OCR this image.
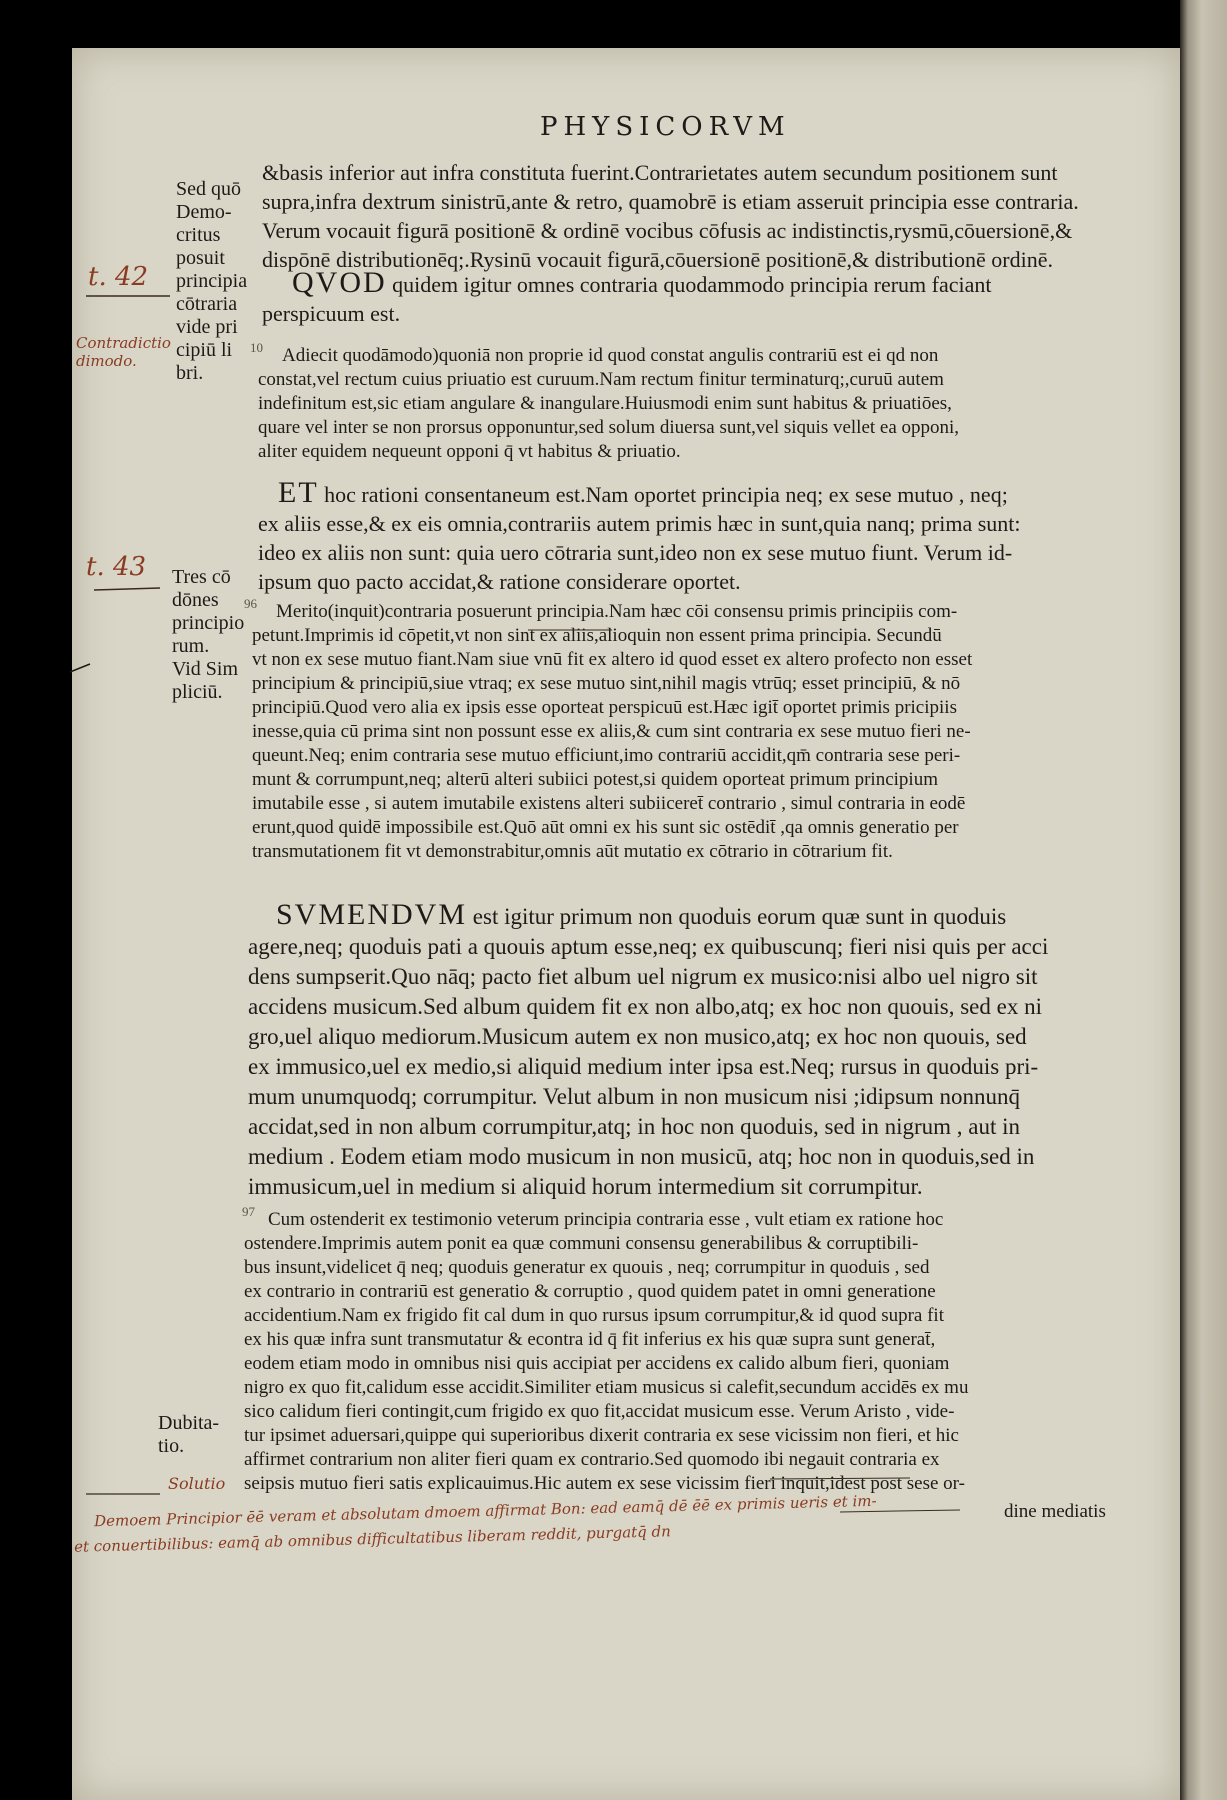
PHYSICORVM
&basis inferior aut infra constituta fuerint.Contrarietates autem secundum positionem sunt
supra,infra dextrum sinistrū,ante & retro, quamobrē is etiam asseruit principia esse contraria.
Verum vocauit figurā positionē & ordinē vocibus cōfusis ac indistinctis,rysmū,cōuersionē,&
dispōnē distributionēq;.Rysinū vocauit figurā,cōuersionē positionē,& distributionē ordinē.
QVOD quidem igitur omnes contraria quodammodo principia rerum faciant
perspicuum est.
Adiecit quodāmodo)quoniā non proprie id quod constat angulis contrariū est ei qd non
constat,vel rectum cuius priuatio est curuum.Nam rectum finitur terminaturq;,curuū autem
indefinitum est,sic etiam angulare & inangulare.Huiusmodi enim sunt habitus & priuatiōes,
quare vel inter se non prorsus opponuntur,sed solum diuersa sunt,vel siquis vellet ea opponi,
aliter equidem nequeunt opponi q̄ vt habitus & priuatio.
ET hoc rationi consentaneum est.Nam oportet principia neq; ex sese mutuo , neq;
ex aliis esse,& ex eis omnia,contrariis autem primis hæc in sunt,quia nanq; prima sunt:
ideo ex aliis non sunt: quia uero cōtraria sunt,ideo non ex sese mutuo fiunt. Verum id-
ipsum quo pacto accidat,& ratione considerare oportet.
Merito(inquit)contraria posuerunt principia.Nam hæc cōi consensu primis principiis com-
petunt.Imprimis id cōpetit,vt non sint ex aliis,alioquin non essent prima principia. Secundū
vt non ex sese mutuo fiant.Nam siue vnū fit ex altero id quod esset ex altero profecto non esset
principium & principiū,siue vtraq; ex sese mutuo sint,nihil magis vtrūq; esset principiū, & nō
principiū.Quod vero alia ex ipsis esse oporteat perspicuū est.Hæc igit̄ oportet primis pricipiis
inesse,quia cū prima sint non possunt esse ex aliis,& cum sint contraria ex sese mutuo fieri ne-
queunt.Neq; enim contraria sese mutuo efficiunt,imo contrariū accidit,qm̄ contraria sese peri-
munt & corrumpunt,neq; alterū alteri subiici potest,si quidem oporteat primum principium
imutabile esse , si autem imutabile existens alteri subiiceret̄ contrario , simul contraria in eodē
erunt,quod quidē impossibile est.Quō aūt omni ex his sunt sic ostēdit̄ ,qa omnis generatio per
transmutationem fit vt demonstrabitur,omnis aūt mutatio ex cōtrario in cōtrarium fit.
SVMENDVM est igitur primum non quoduis eorum quæ sunt in quoduis
agere,neq; quoduis pati a quouis aptum esse,neq; ex quibuscunq; fieri nisi quis per acci
dens sumpserit.Quo nāq; pacto fiet album uel nigrum ex musico:nisi albo uel nigro sit
accidens musicum.Sed album quidem fit ex non albo,atq; ex hoc non quouis, sed ex ni
gro,uel aliquo mediorum.Musicum autem ex non musico,atq; ex hoc non quouis, sed
ex immusico,uel ex medio,si aliquid medium inter ipsa est.Neq; rursus in quoduis pri-
mum unumquodq; corrumpitur. Velut album in non musicum nisi ;idipsum nonnunq̄
accidat,sed in non album corrumpitur,atq; in hoc non quoduis, sed in nigrum , aut in
medium . Eodem etiam modo musicum in non musicū, atq; hoc non in quoduis,sed in
immusicum,uel in medium si aliquid horum intermedium sit corrumpitur.
Cum ostenderit ex testimonio veterum principia contraria esse , vult etiam ex ratione hoc
ostendere.Imprimis autem ponit ea quæ communi consensu generabilibus & corruptibili-
bus insunt,videlicet q̄ neq; quoduis generatur ex quouis , neq; corrumpitur in quoduis , sed
ex contrario in contrariū est generatio & corruptio , quod quidem patet in omni generatione
accidentium.Nam ex frigido fit cal dum in quo rursus ipsum corrumpitur,& id quod supra fit
ex his quæ infra sunt transmutatur & econtra id q̄ fit inferius ex his quæ supra sunt generat̄,
eodem etiam modo in omnibus nisi quis accipiat per accidens ex calido album fieri, quoniam
nigro ex quo fit,calidum esse accidit.Similiter etiam musicus si calefit,secundum accidēs ex mu
sico calidum fieri contingit,cum frigido ex quo fit,accidat musicum esse. Verum Aristo , vide-
tur ipsimet aduersari,quippe qui superioribus dixerit contraria ex sese vicissim non fieri, et hic
affirmet contrarium non aliter fieri quam ex contrario.Sed quomodo ibi negauit contraria ex
seipsis mutuo fieri satis explicauimus.Hic autem ex sese vicissim fieri inquit,idest post sese or-
dine mediatis
10
96
97
Sed quō
Demo-
critus
posuit
principia
cōtraria
vide pri
cipiū li
bri.
Tres cō
dōnes
principio
rum.
Vid Sim
pliciū.
Dubita-
tio.
t. 42
t. 43
Contradictio
dimodo.
Solutio
Demoem Principior ēē veram et absolutam dmoem affirmat Bon: ead eamq̄ dē ēē ex primis ueris et im-
et conuertibilibus: eamq̄ ab omnibus difficultatibus liberam reddit, purgatq̄ dn
